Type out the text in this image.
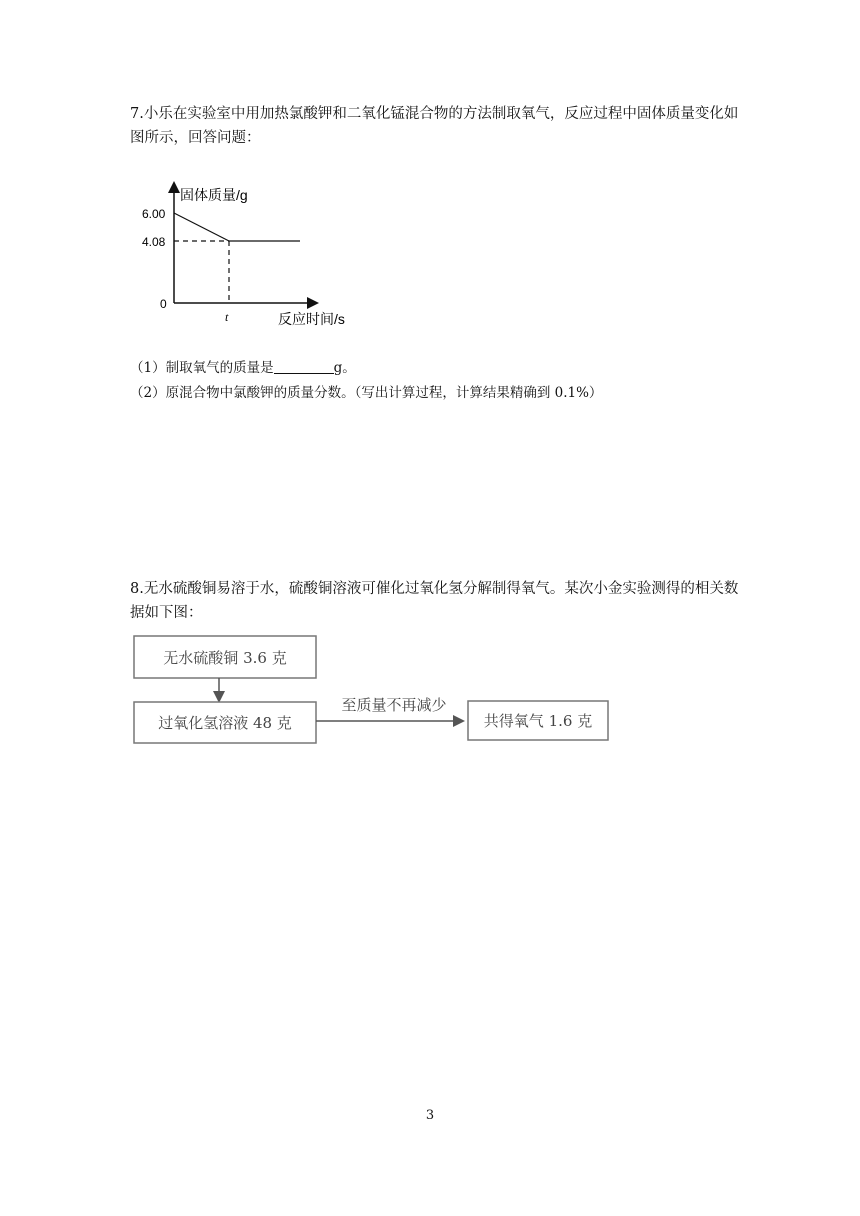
7.小乐在实验室中用加热氯酸钾和二氧化锰混合物的方法制取氧气，反应过程中固体质量变化如图所示，回答问题：

固体质量/g
6.00
4.08
0
t	反应时间/s

（1）制取氧气的质量是	g。

（2）原混合物中氯酸钾的质量分数。（写出计算过程，计算结果精确到 0.1%）

8.无水硫酸铜易溶于水，硫酸铜溶液可催化过氧化氢分解制得氧气。某次小金实验测得的相关数据如下图：

无水硫酸铜 3.6 克
过氧化氢溶液 48 克
至质量不再减少
共得氧气 1.6 克
3
